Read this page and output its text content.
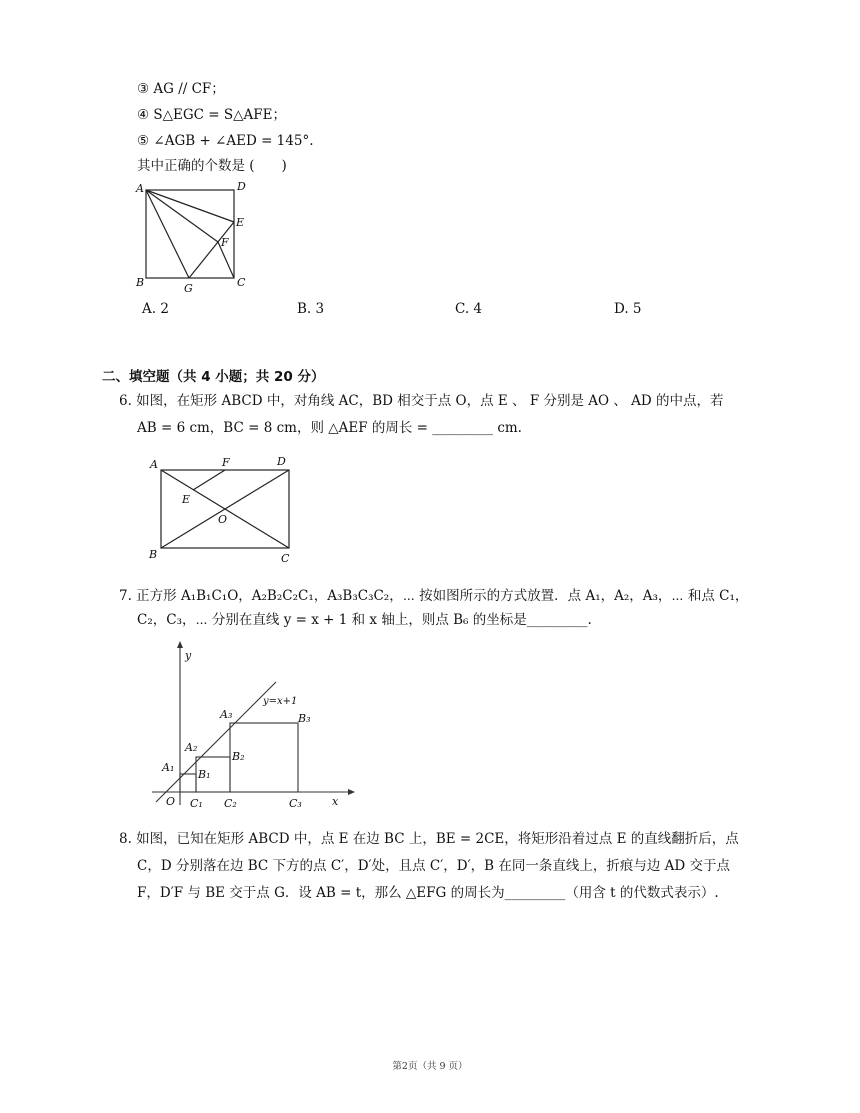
③ AG // CF；
④ S△EGC = S△AFE；
⑤ ∠AGB + ∠AED = 145°.
其中正确的个数是 (　　)
A	D
E
F
B	G	C
A. 2	B. 3	C. 4	D. 5
二、填空题（共 4 小题；共 20 分）
6. 如图，在矩形 ABCD 中，对角线 AC，BD 相交于点 O，点 E 、 F 分别是 AO 、 AD 的中点，若
AB = 6 cm，BC = 8 cm，则 △AEF 的周长 = _________ cm.
A	F	D
E
O
B	C
7. 正方形 A₁B₁C₁O，A₂B₂C₂C₁，A₃B₃C₃C₂，⋯ 按如图所示的方式放置．点 A₁，A₂，A₃，⋯ 和点 C₁，
C₂，C₃，⋯ 分别在直线 y = x + 1 和 x 轴上，则点 B₆ 的坐标是_________.
y
x
y=x+1
O
A₁
B₁
C₁
A₂
B₂
C₂
A₃	B₃
C₃
8. 如图，已知在矩形 ABCD 中，点 E 在边 BC 上，BE = 2CE，将矩形沿着过点 E 的直线翻折后，点
C，D 分别落在边 BC 下方的点 C′，D′处，且点 C′，D′，B 在同一条直线上，折痕与边 AD 交于点
F，D′F 与 BE 交于点 G．设 AB = t，那么 △EFG 的周长为_________（用含 t 的代数式表示）.
第2页（共 9 页）
